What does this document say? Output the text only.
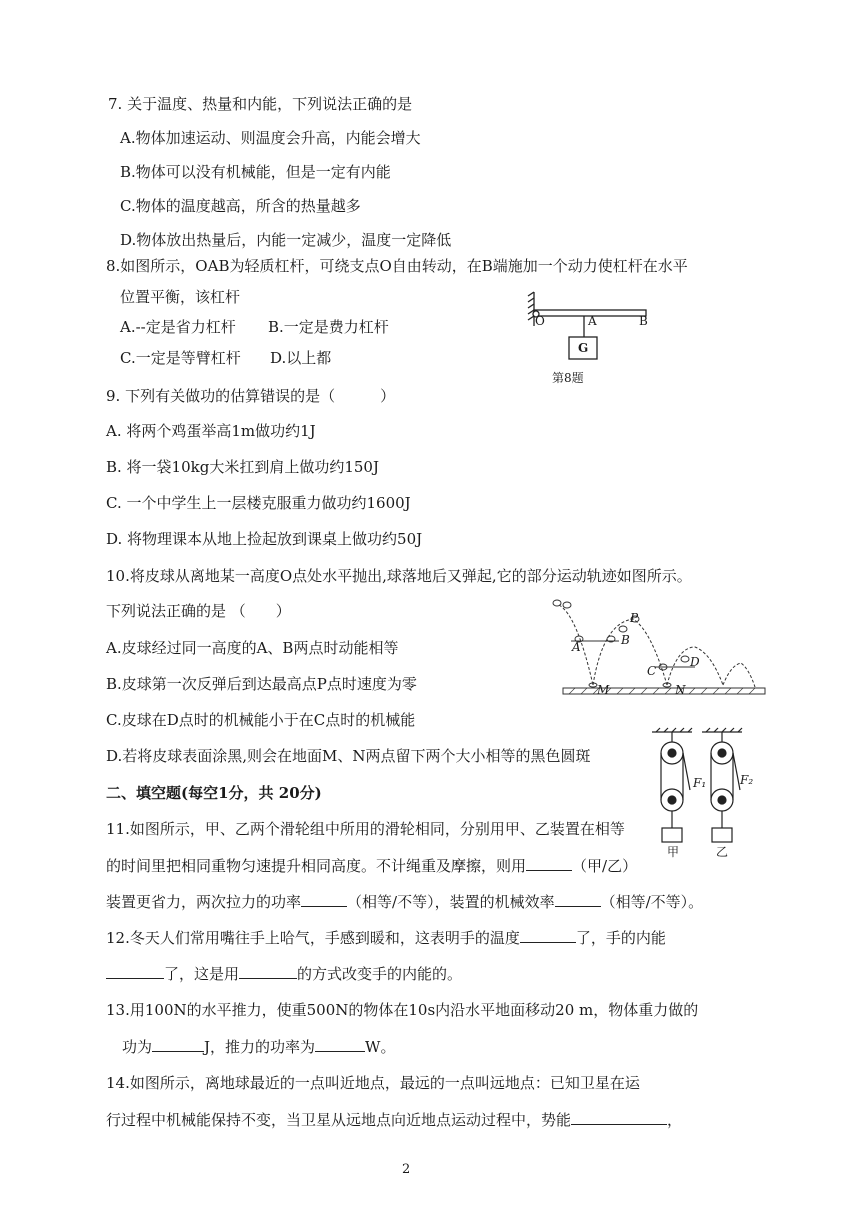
7. 关于温度、热量和内能，下列说法正确的是
A.物体加速运动、则温度会升高，内能会增大
B.物体可以没有机械能，但是一定有内能
C.物体的温度越高，所含的热量越多
D.物体放出热量后，内能一定减少，温度一定降低
8.如图所示，OAB为轻质杠杆，可绕支点O自由转动，在B端施加一个动力使杠杆在水平
位置平衡，该杠杆
A.--定是省力杠杆 B.一定是费力杠杆
C.一定是等臂杠杆 D.以上都
O	A	B
G
第8题
9. 下列有关做功的估算错误的是（　　　）
A. 将两个鸡蛋举高1m做功约1J
B. 将一袋10kg大米扛到肩上做功约150J
C. 一个中学生上一层楼克服重力做功约1600J
D. 将物理课本从地上捡起放到课桌上做功约50J
10.将皮球从离地某一高度O点处水平抛出,球落地后又弹起,它的部分运动轨迹如图所示。
下列说法正确的是 （　　）
A.皮球经过同一高度的A、B两点时动能相等
B.皮球第一次反弹后到达最高点P点时速度为零
C.皮球在D点时的机械能小于在C点时的机械能
D.若将皮球表面涂黑,则会在地面M、N两点留下两个大小相等的黑色圆斑
A	B
P
C
D
M	N
二、填空题(每空1分，共 20分)
11.如图所示，甲、乙两个滑轮组中所用的滑轮相同，分别用甲、乙装置在相等
的时间里把相同重物匀速提升相同高度。不计绳重及摩擦，则用	（甲/乙）
装置更省力，两次拉力的功率	（相等/不等），装置的机械效率	（相等/不等）。
F₁	F₂
甲	乙
12.冬天人们常用嘴往手上哈气，手感到暖和，这表明手的温度	了，手的内能
了，这是用	的方式改变手的内能的。
13.用100N的水平推力，使重500N的物体在10s内沿水平地面移动20 m，物体重力做的
功为	J，推力的功率为	W。
14.如图所示，离地球最近的一点叫近地点，最远的一点叫远地点：已知卫星在运
行过程中机械能保持不变，当卫星从远地点向近地点运动过程中，势能	，
2
